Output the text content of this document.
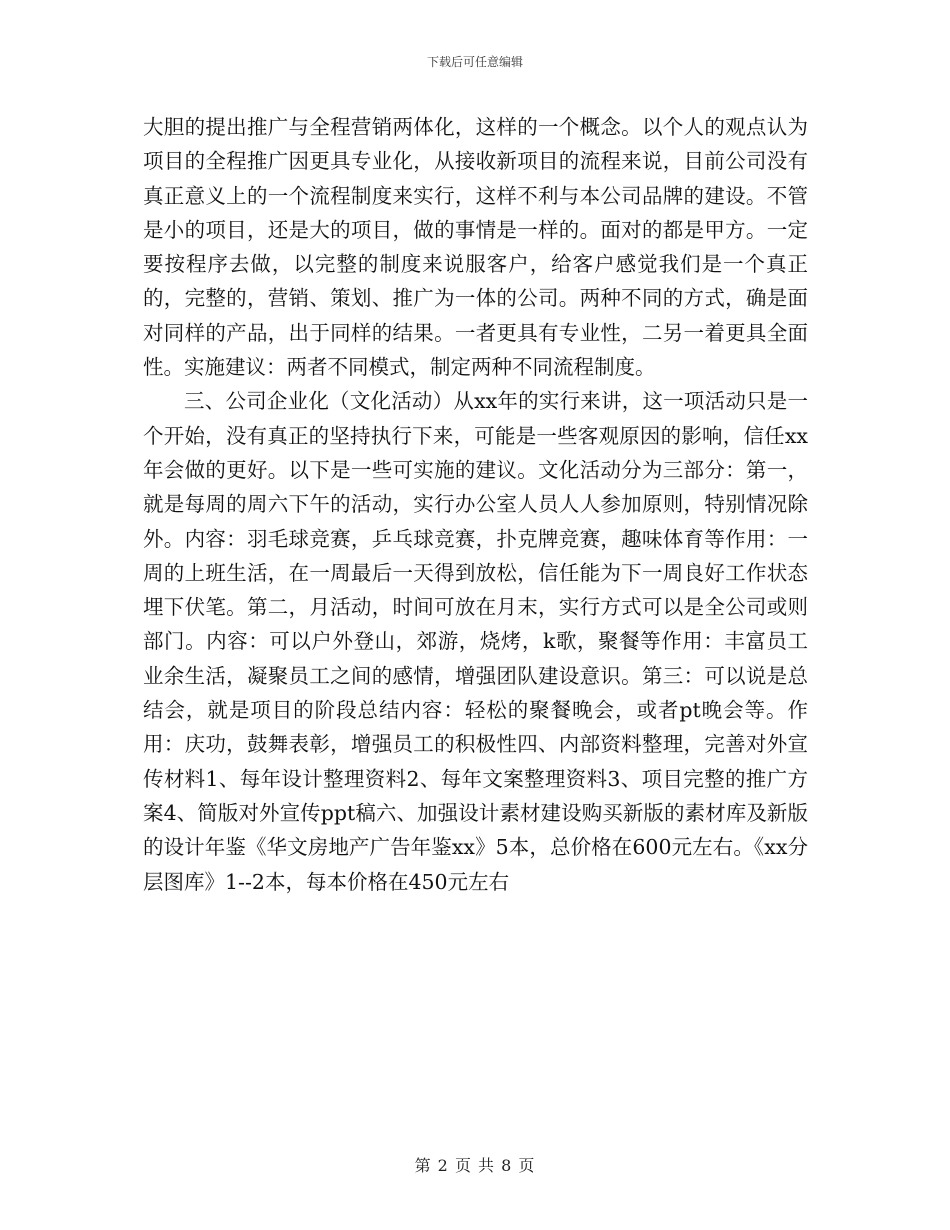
下载后可任意编辑

大胆的提出推广与全程营销两体化，这样的一个概念。以个人的观点认为项目的全程推广因更具专业化，从接收新项目的流程来说，目前公司没有真正意义上的一个流程制度来实行，这样不利与本公司品牌的建设。不管是小的项目，还是大的项目，做的事情是一样的。面对的都是甲方。一定要按程序去做，以完整的制度来说服客户，给客户感觉我们是一个真正的，完整的，营销、策划、推广为一体的公司。两种不同的方式，确是面对同样的产品，出于同样的结果。一者更具有专业性，二另一着更具全面性。实施建议：两者不同模式，制定两种不同流程制度。

三、公司企业化（文化活动）从xx年的实行来讲，这一项活动只是一个开始，没有真正的坚持执行下来，可能是一些客观原因的影响，信任xx年会做的更好。以下是一些可实施的建议。文化活动分为三部分：第一，就是每周的周六下午的活动，实行办公室人员人人参加原则，特别情况除外。内容：羽毛球竞赛，乒乓球竞赛，扑克牌竞赛，趣味体育等作用：一周的上班生活，在一周最后一天得到放松，信任能为下一周良好工作状态埋下伏笔。第二，月活动，时间可放在月末，实行方式可以是全公司或则部门。内容：可以户外登山，郊游，烧烤，k歌，聚餐等作用：丰富员工业余生活，凝聚员工之间的感情，增强团队建设意识。第三：可以说是总结会，就是项目的阶段总结内容：轻松的聚餐晚会，或者pt晚会等。作用：庆功，鼓舞表彰，增强员工的积极性四、内部资料整理，完善对外宣传材料1、每年设计整理资料2、每年文案整理资料3、项目完整的推广方案4、简版对外宣传ppt稿六、加强设计素材建设购买新版的素材库及新版的设计年鉴《华文房地产广告年鉴xx》5本，总价格在600元左右。《xx分层图库》1--2本，每本价格在450元左右

第 2 页 共 8 页
